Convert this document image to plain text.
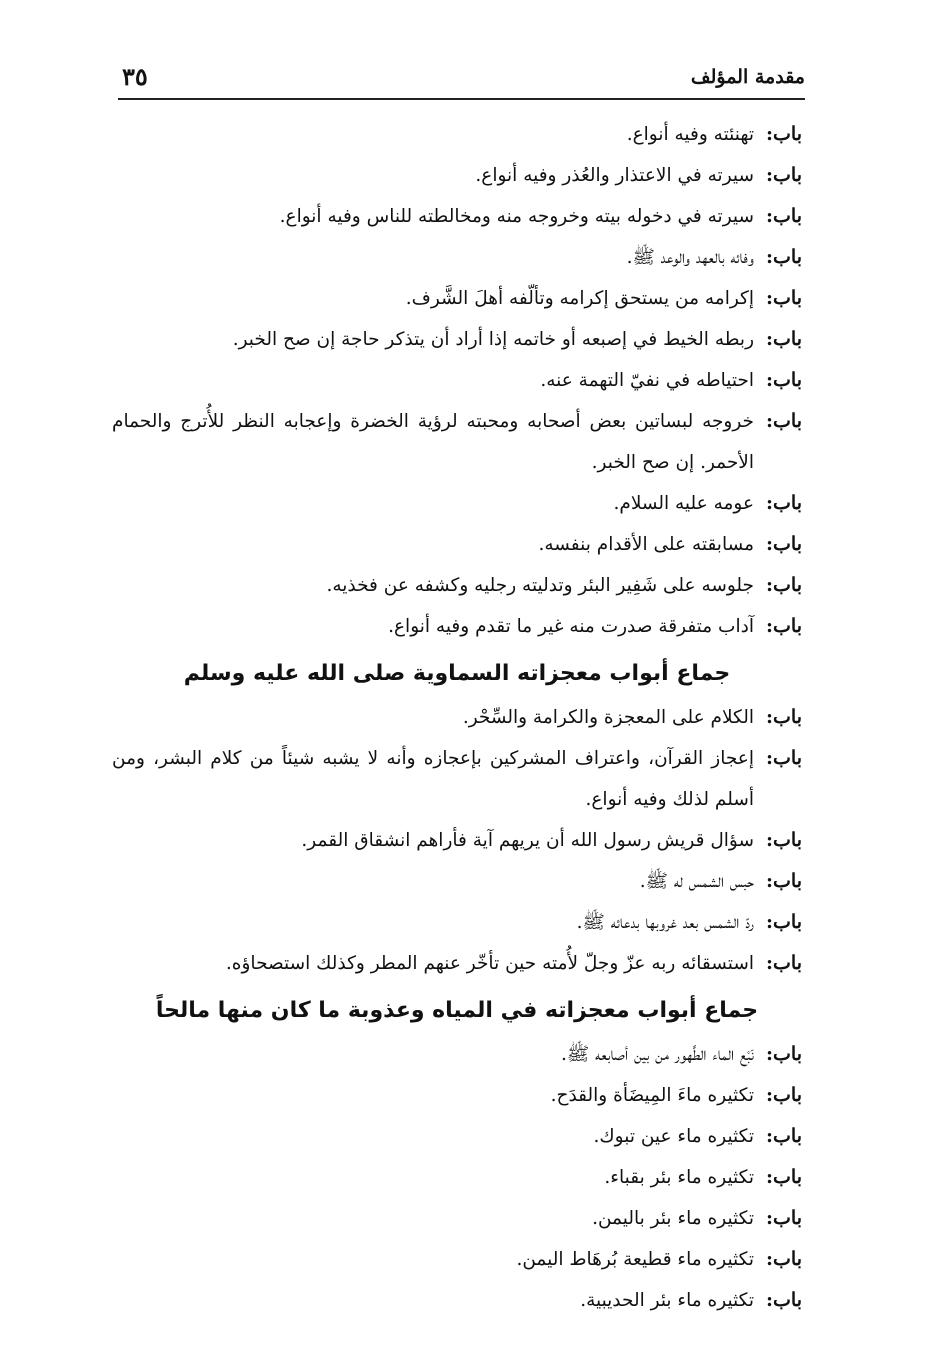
مقدمة المؤلف
٣٥
باب:
تهنئته وفيه أنواع.
باب:
سيرته في الاعتذار والعُذر وفيه أنواع.
باب:
سيرته في دخوله بيته وخروجه منه ومخالطته للناس وفيه أنواع.
باب:
وفائه بالعهد والوعد ﷺ.
باب:
إكرامه من يستحق إكرامه وتألّفه أهلَ الشَّرف.
باب:
ربطه الخيط في إصبعه أو خاتمه إذا أراد أن يتذكر حاجة إن صح الخبر.
باب:
احتياطه في نفيّ التهمة عنه.
باب:
خروجه لبساتين بعض أصحابه ومحبته لرؤية الخضرة وإعجابه النظر للأُترج والحمام الأحمر. إن صح الخبر.
باب:
عومه عليه السلام.
باب:
مسابقته على الأقدام بنفسه.
باب:
جلوسه على شَفِير البئر وتدليته رجليه وكشفه عن فخذيه.
باب:
آداب متفرقة صدرت منه غير ما تقدم وفيه أنواع.
جماع أبواب معجزاته السماوية صلى الله عليه وسلم
باب:
الكلام على المعجزة والكرامة والسِّحْر.
باب:
إعجاز القرآن، واعتراف المشركين بإعجازه وأنه لا يشبه شيئاً من كلام البشر، ومن أسلم لذلك وفيه أنواع.
باب:
سؤال قريش رسول الله أن يريهم آية فأراهم انشقاق القمر.
باب:
حبس الشمس له ﷺ.
باب:
ردّ الشمس بعد غروبها بدعائه ﷺ.
باب:
استسقائه ربه عزّ وجلّ لأُمته حين تأخّر عنهم المطر وكذلك استصحاؤه.
جماع أبواب معجزاته في المياه وعذوبة ما كان منها مالحاً
باب:
نَبْع الماء الطَّهور من بين أصابعه ﷺ.
باب:
تكثيره ماءَ المِيضَأة والقدَح.
باب:
تكثيره ماء عين تبوك.
باب:
تكثيره ماء بئر بقباء.
باب:
تكثيره ماء بئر باليمن.
باب:
تكثيره ماء قطيعة بُرهَاط اليمن.
باب:
تكثيره ماء بئر الحديبية.
